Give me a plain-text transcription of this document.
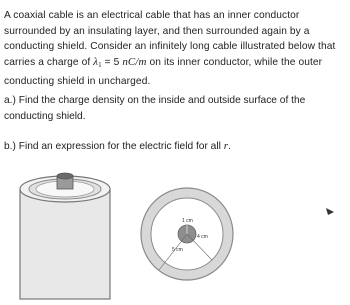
A coaxial cable is an electrical cable that has an inner conductor surrounded by an insulating layer, and then surrounded again by a conducting shield. Consider an infinitely long cable illustrated below that carries a charge of $\lambda_1 = 5$ nC/m on its inner conductor, while the outer conducting shield in uncharged.

a.) Find the charge density on the inside and outside surface of the conducting shield.
b.) Find an expression for the electric field for all r.
1 cm
4 cm
5 cm
